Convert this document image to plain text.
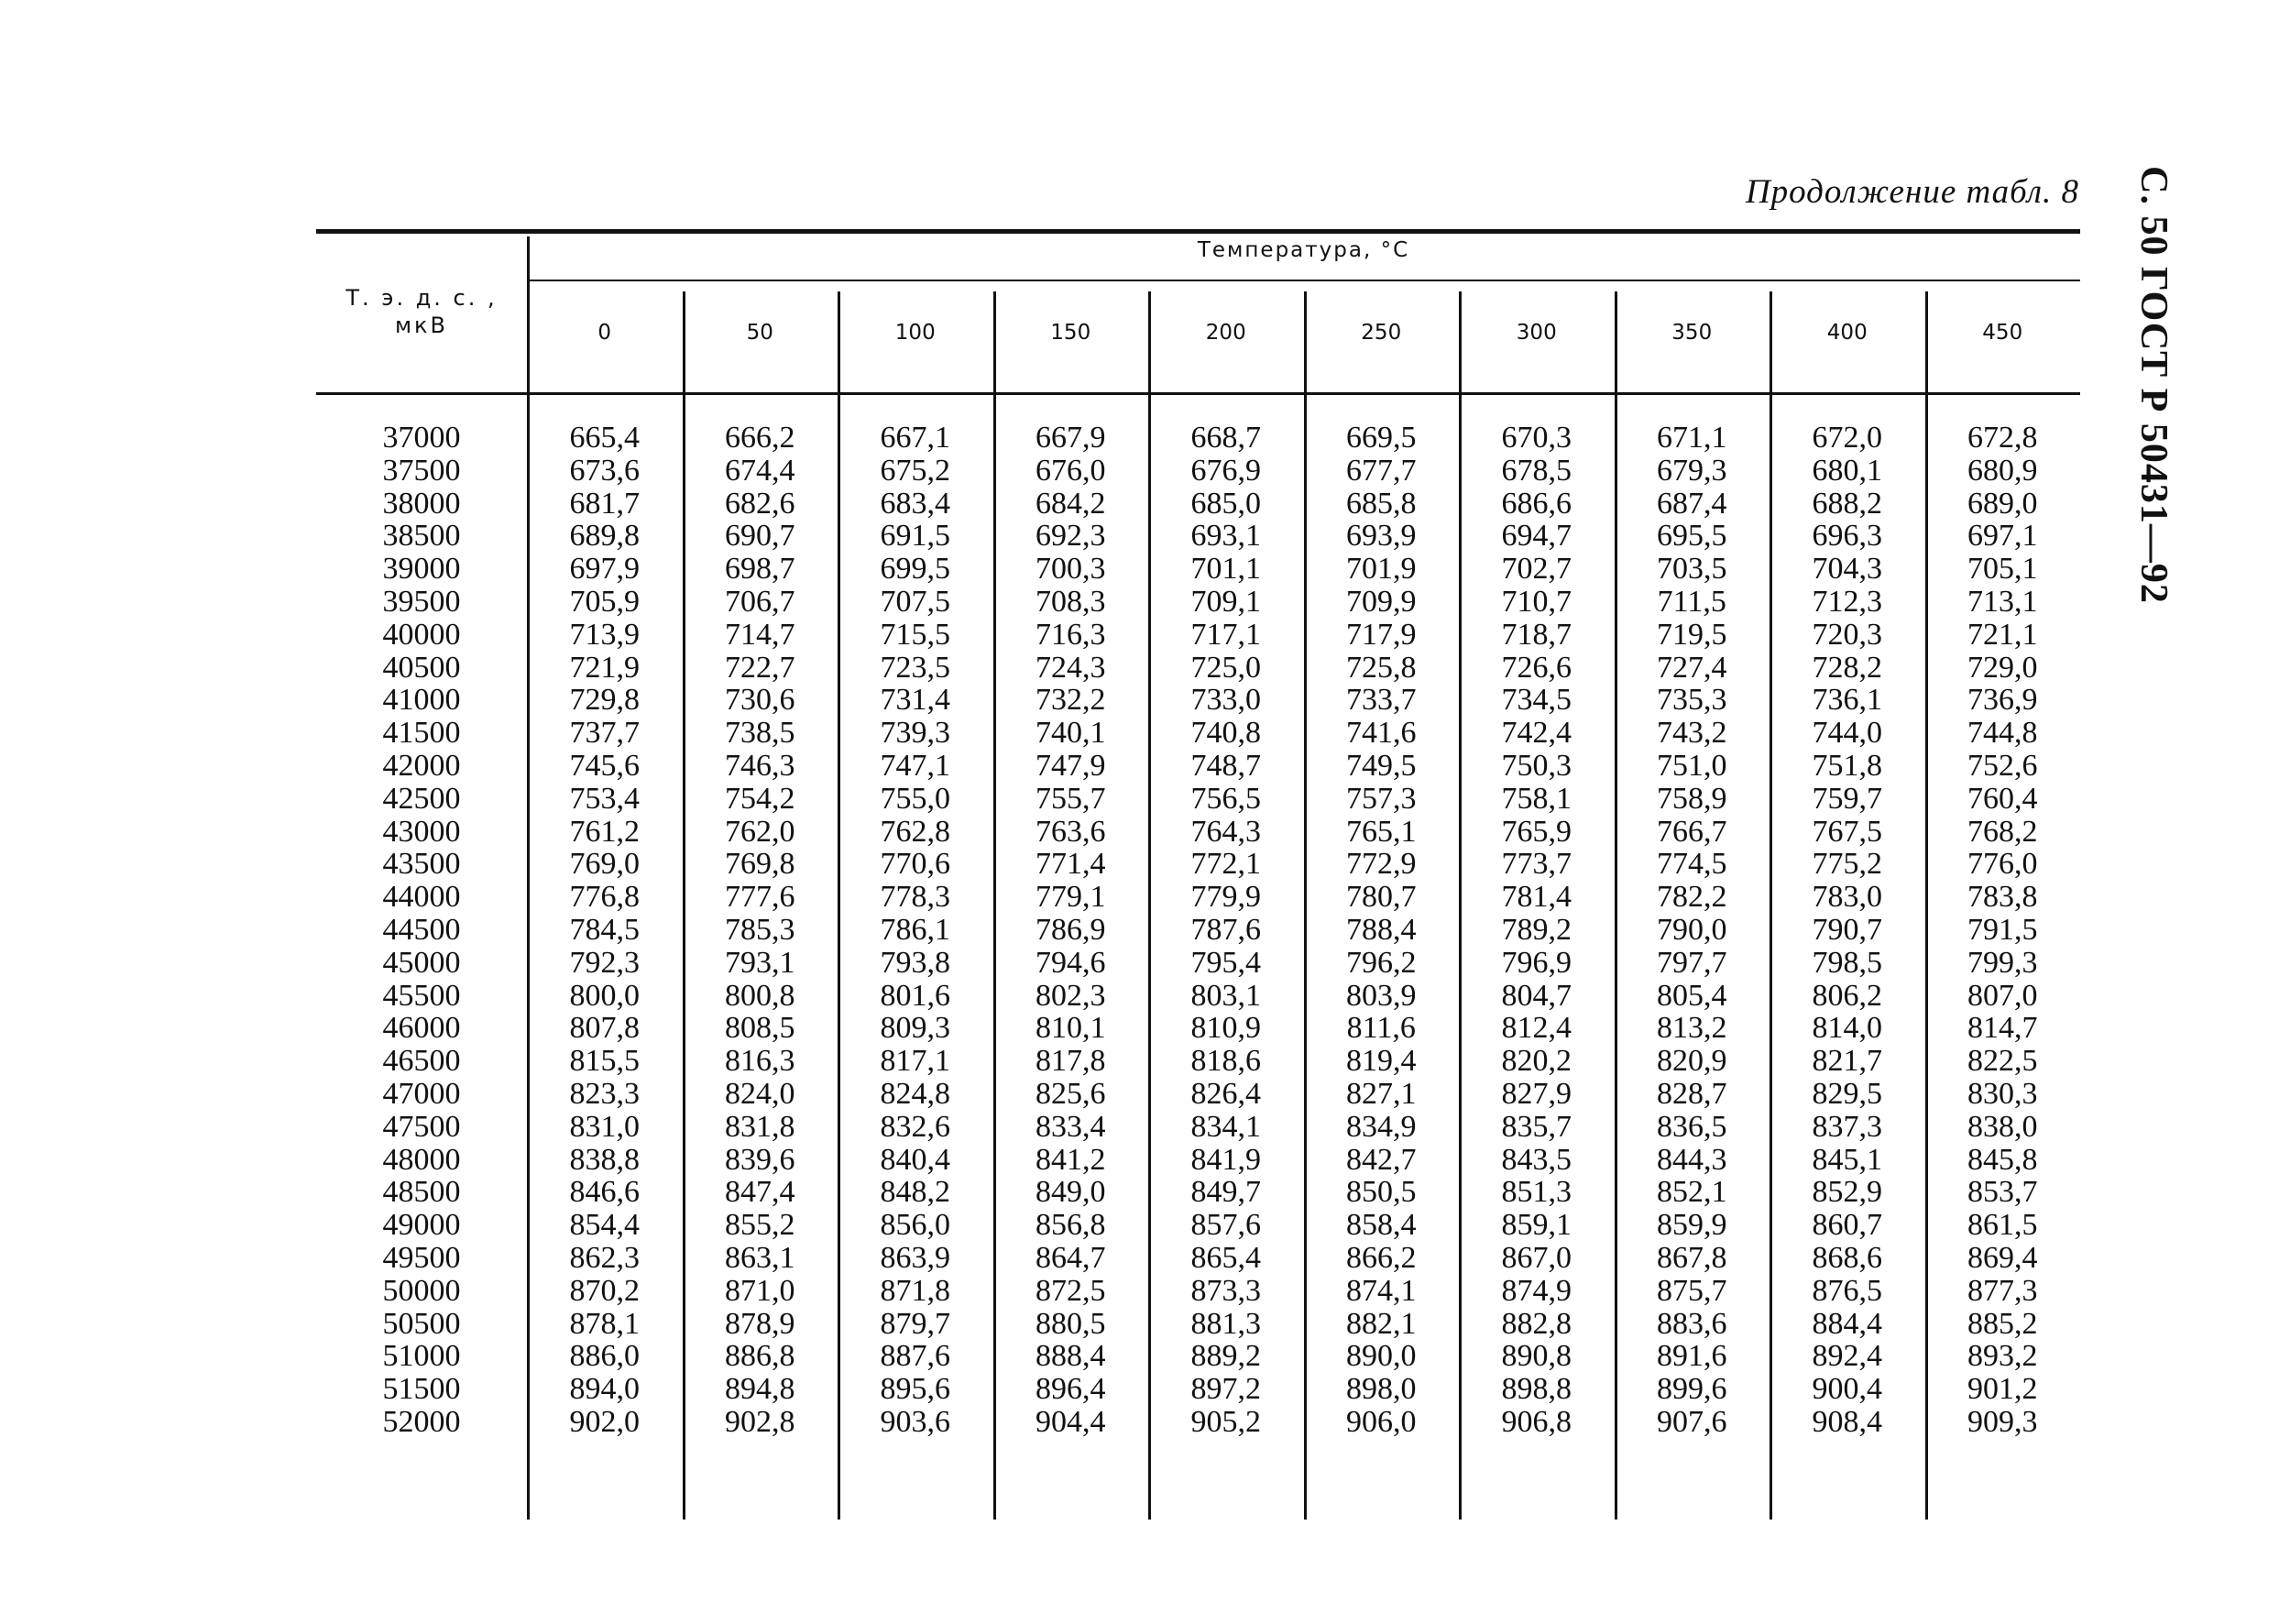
С. 50 ГОСТ Р 50431—92
Продолжение табл. 8
Т. э. д. с. ,
мкВ
Температура, °С
0	50	100	150	200	250	300	350	400	450
37000	665,4	666,2	667,1	667,9	668,7	669,5	670,3	671,1	672,0	672,8
37500	673,6	674,4	675,2	676,0	676,9	677,7	678,5	679,3	680,1	680,9
38000	681,7	682,6	683,4	684,2	685,0	685,8	686,6	687,4	688,2	689,0
38500	689,8	690,7	691,5	692,3	693,1	693,9	694,7	695,5	696,3	697,1
39000	697,9	698,7	699,5	700,3	701,1	701,9	702,7	703,5	704,3	705,1
39500	705,9	706,7	707,5	708,3	709,1	709,9	710,7	711,5	712,3	713,1
40000	713,9	714,7	715,5	716,3	717,1	717,9	718,7	719,5	720,3	721,1
40500	721,9	722,7	723,5	724,3	725,0	725,8	726,6	727,4	728,2	729,0
41000	729,8	730,6	731,4	732,2	733,0	733,7	734,5	735,3	736,1	736,9
41500	737,7	738,5	739,3	740,1	740,8	741,6	742,4	743,2	744,0	744,8
42000	745,6	746,3	747,1	747,9	748,7	749,5	750,3	751,0	751,8	752,6
42500	753,4	754,2	755,0	755,7	756,5	757,3	758,1	758,9	759,7	760,4
43000	761,2	762,0	762,8	763,6	764,3	765,1	765,9	766,7	767,5	768,2
43500	769,0	769,8	770,6	771,4	772,1	772,9	773,7	774,5	775,2	776,0
44000	776,8	777,6	778,3	779,1	779,9	780,7	781,4	782,2	783,0	783,8
44500	784,5	785,3	786,1	786,9	787,6	788,4	789,2	790,0	790,7	791,5
45000	792,3	793,1	793,8	794,6	795,4	796,2	796,9	797,7	798,5	799,3
45500	800,0	800,8	801,6	802,3	803,1	803,9	804,7	805,4	806,2	807,0
46000	807,8	808,5	809,3	810,1	810,9	811,6	812,4	813,2	814,0	814,7
46500	815,5	816,3	817,1	817,8	818,6	819,4	820,2	820,9	821,7	822,5
47000	823,3	824,0	824,8	825,6	826,4	827,1	827,9	828,7	829,5	830,3
47500	831,0	831,8	832,6	833,4	834,1	834,9	835,7	836,5	837,3	838,0
48000	838,8	839,6	840,4	841,2	841,9	842,7	843,5	844,3	845,1	845,8
48500	846,6	847,4	848,2	849,0	849,7	850,5	851,3	852,1	852,9	853,7
49000	854,4	855,2	856,0	856,8	857,6	858,4	859,1	859,9	860,7	861,5
49500	862,3	863,1	863,9	864,7	865,4	866,2	867,0	867,8	868,6	869,4
50000	870,2	871,0	871,8	872,5	873,3	874,1	874,9	875,7	876,5	877,3
50500	878,1	878,9	879,7	880,5	881,3	882,1	882,8	883,6	884,4	885,2
51000	886,0	886,8	887,6	888,4	889,2	890,0	890,8	891,6	892,4	893,2
51500	894,0	894,8	895,6	896,4	897,2	898,0	898,8	899,6	900,4	901,2
52000	902,0	902,8	903,6	904,4	905,2	906,0	906,8	907,6	908,4	909,3
